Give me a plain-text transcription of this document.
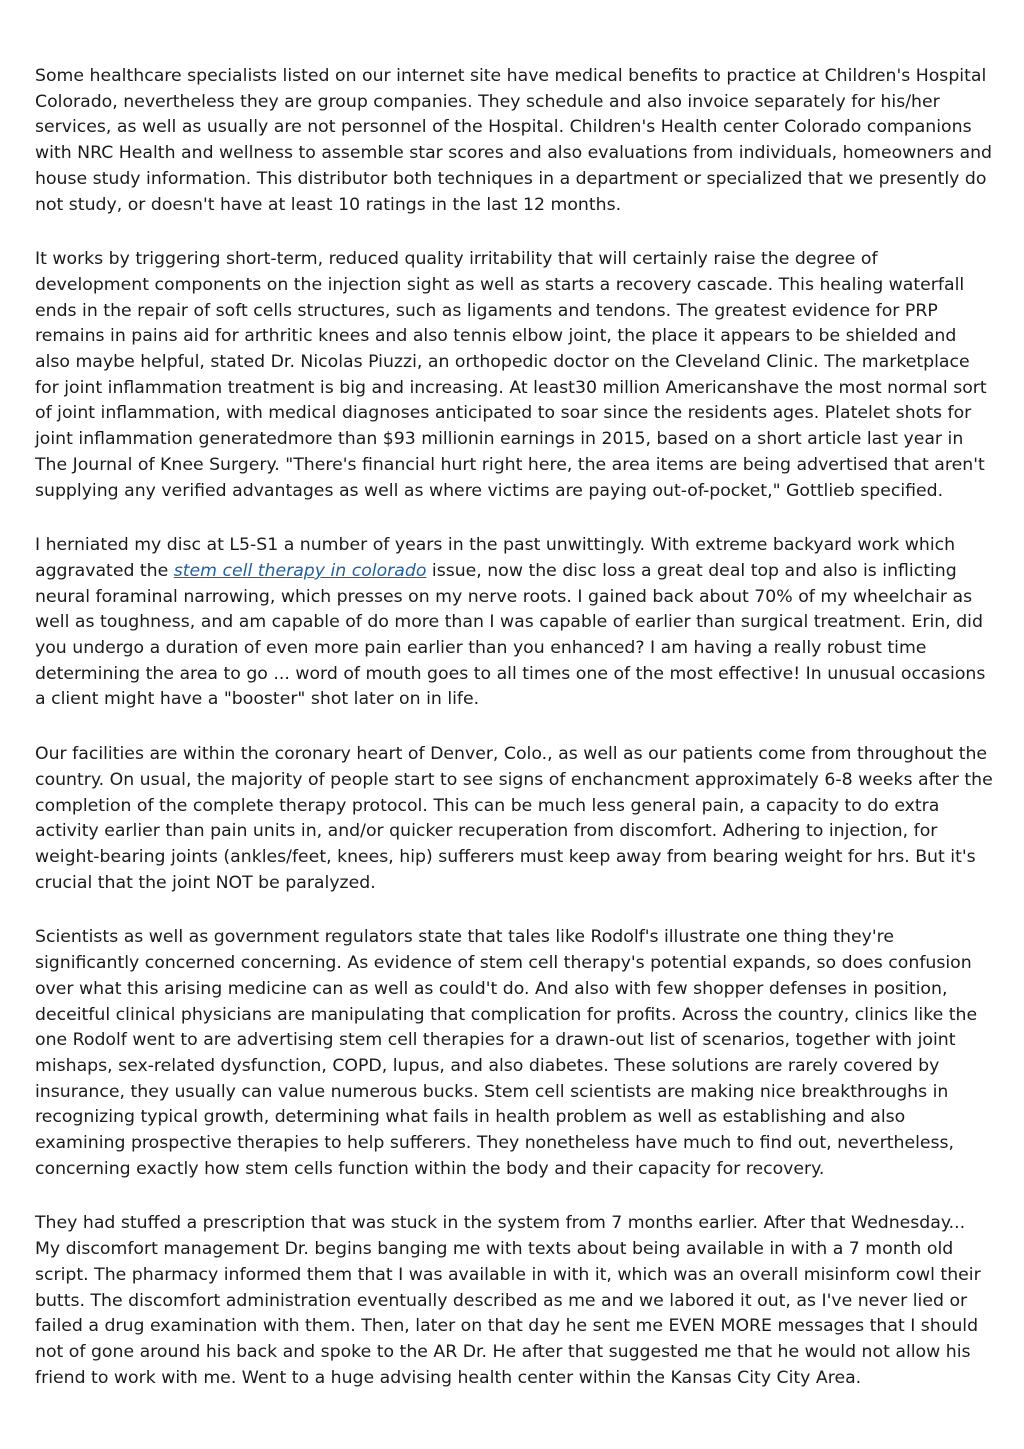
Some healthcare specialists listed on our internet site have medical benefits to practice at Children's Hospital Colorado, nevertheless they are group companies. They schedule and also invoice separately for his/her services, as well as usually are not personnel of the Hospital. Children's Health center Colorado companions with NRC Health and wellness to assemble star scores and also evaluations from individuals, homeowners and house study information. This distributor both techniques in a department or specialized that we presently do not study, or doesn't have at least 10 ratings in the last 12 months.

It works by triggering short-term, reduced quality irritability that will certainly raise the degree of development components on the injection sight as well as starts a recovery cascade. This healing waterfall ends in the repair of soft cells structures, such as ligaments and tendons. The greatest evidence for PRP remains in pains aid for arthritic knees and also tennis elbow joint, the place it appears to be shielded and also maybe helpful, stated Dr. Nicolas Piuzzi, an orthopedic doctor on the Cleveland Clinic. The marketplace for joint inflammation treatment is big and increasing. At least30 million Americanshave the most normal sort of joint inflammation, with medical diagnoses anticipated to soar since the residents ages. Platelet shots for joint inflammation generatedmore than $93 millionin earnings in 2015, based on a short article last year in The Journal of Knee Surgery. "There's financial hurt right here, the area items are being advertised that aren't supplying any verified advantages as well as where victims are paying out-of-pocket," Gottlieb specified.

I herniated my disc at L5-S1 a number of years in the past unwittingly. With extreme backyard work which aggravated the stem cell therapy in colorado issue, now the disc loss a great deal top and also is inflicting neural foraminal narrowing, which presses on my nerve roots. I gained back about 70% of my wheelchair as well as toughness, and am capable of do more than I was capable of earlier than surgical treatment. Erin, did you undergo a duration of even more pain earlier than you enhanced? I am having a really robust time determining the area to go ... word of mouth goes to all times one of the most effective! In unusual occasions a client might have a "booster" shot later on in life.

Our facilities are within the coronary heart of Denver, Colo., as well as our patients come from throughout the country. On usual, the majority of people start to see signs of enchancment approximately 6-8 weeks after the completion of the complete therapy protocol. This can be much less general pain, a capacity to do extra activity earlier than pain units in, and/or quicker recuperation from discomfort. Adhering to injection, for weight-bearing joints (ankles/feet, knees, hip) sufferers must keep away from bearing weight for hrs. But it's crucial that the joint NOT be paralyzed.

Scientists as well as government regulators state that tales like Rodolf's illustrate one thing they're significantly concerned concerning. As evidence of stem cell therapy's potential expands, so does confusion over what this arising medicine can as well as could't do. And also with few shopper defenses in position, deceitful clinical physicians are manipulating that complication for profits. Across the country, clinics like the one Rodolf went to are advertising stem cell therapies for a drawn-out list of scenarios, together with joint mishaps, sex-related dysfunction, COPD, lupus, and also diabetes. These solutions are rarely covered by insurance, they usually can value numerous bucks. Stem cell scientists are making nice breakthroughs in recognizing typical growth, determining what fails in health problem as well as establishing and also examining prospective therapies to help sufferers. They nonetheless have much to find out, nevertheless, concerning exactly how stem cells function within the body and their capacity for recovery.

They had stuffed a prescription that was stuck in the system from 7 months earlier. After that Wednesday... My discomfort management Dr. begins banging me with texts about being available in with a 7 month old script. The pharmacy informed them that I was available in with it, which was an overall misinform cowl their butts. The discomfort administration eventually described as me and we labored it out, as I've never lied or failed a drug examination with them. Then, later on that day he sent me EVEN MORE messages that I should not of gone around his back and spoke to the AR Dr. He after that suggested me that he would not allow his friend to work with me. Went to a huge advising health center within the Kansas City City Area.
